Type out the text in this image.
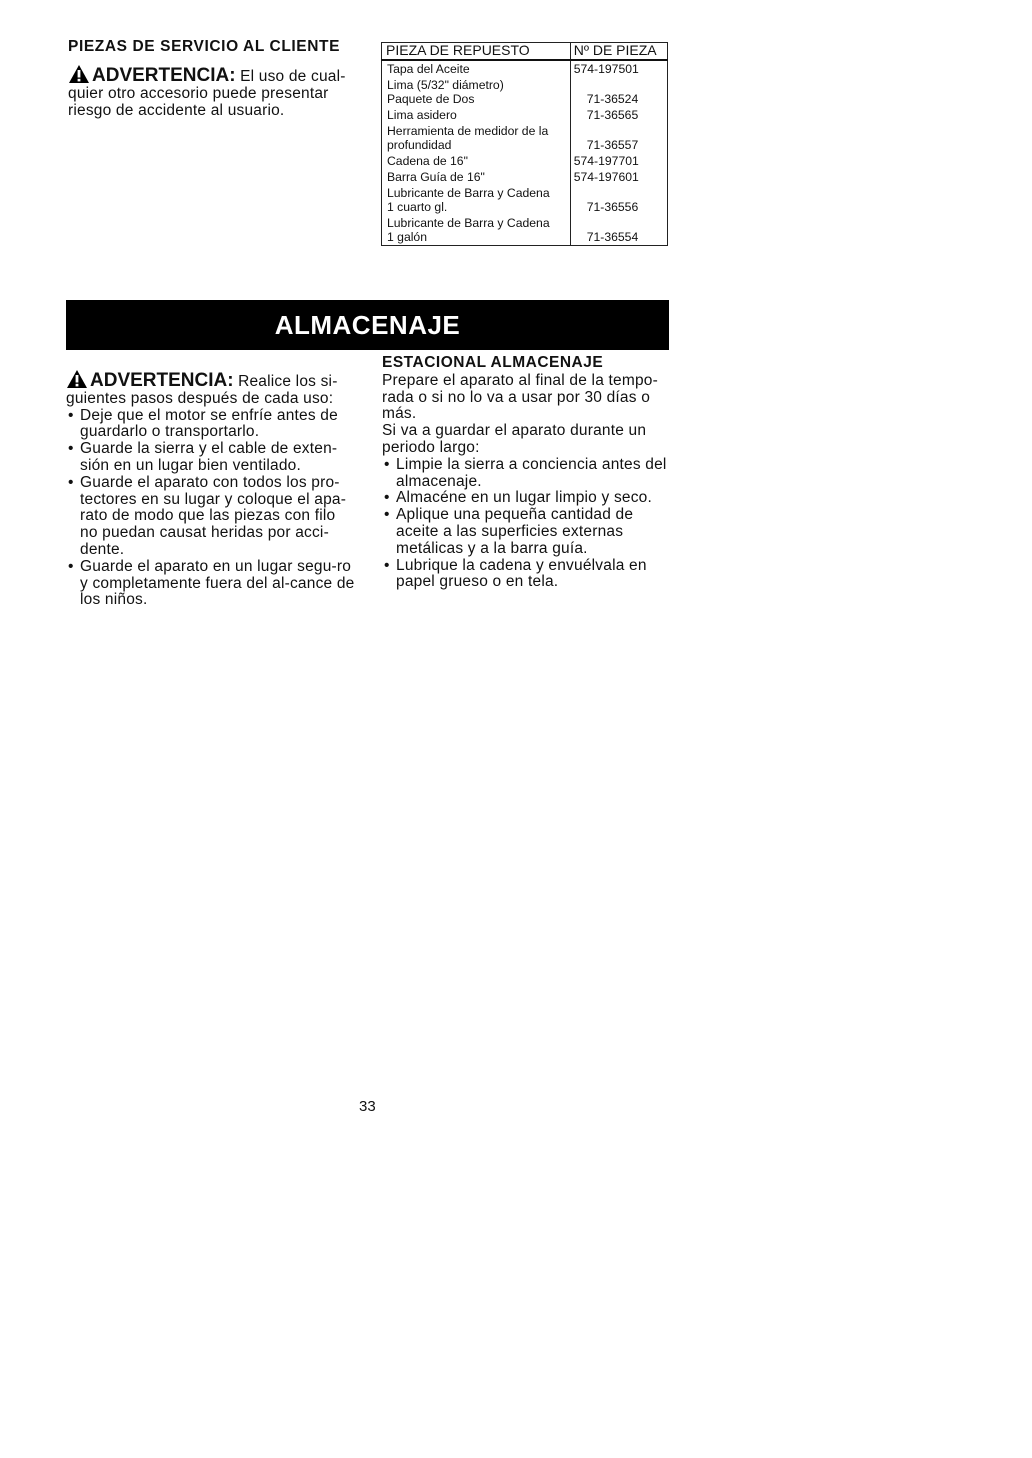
PIEZAS DE SERVICIO AL CLIENTE
ADVERTENCIA: El uso de cual-quier otro accesorio puede presentar riesgo de accidente al usuario.
PIEZA DE REPUESTO	Nº DE PIEZA

Tapa del Aceite	574-197501

Lima (5/32" diámetro)
Paquete de Dos	71-36524

Lima asidero	71-36565

Herramienta de medidor de la
profundidad	71-36557

Cadena de 16"	574-197701

Barra Guía de 16"	574-197601

Lubricante de Barra y Cadena
1 cuarto gl.	71-36556

Lubricante de Barra y Cadena
1 galón	71-36554
ALMACENAJE
ADVERTENCIA: Realice los si-guientes pasos después de cada uso:
• Deje que el motor se enfríe antes de guardarlo o transportarlo.
• Guarde la sierra y el cable de exten-sión en un lugar bien ventilado.
• Guarde el aparato con todos los pro-tectores en su lugar y coloque el apa-rato de modo que las piezas con filo no puedan causat heridas por acci-dente.
• Guarde el aparato en un lugar segu-ro y completamente fuera del al-cance de los niños.
ESTACIONAL ALMACENAJE

Prepare el aparato al final de la tempo-rada o si no lo va a usar por 30 días o más.

Si va a guardar el aparato durante un periodo largo:

• Limpie la sierra a conciencia antes del almacenaje.
• Almacéne en un lugar limpio y seco.
• Aplique una pequeña cantidad de aceite a las superficies externas metálicas y a la barra guía.
• Lubrique la cadena y envuélvala en papel grueso o en tela.
33
